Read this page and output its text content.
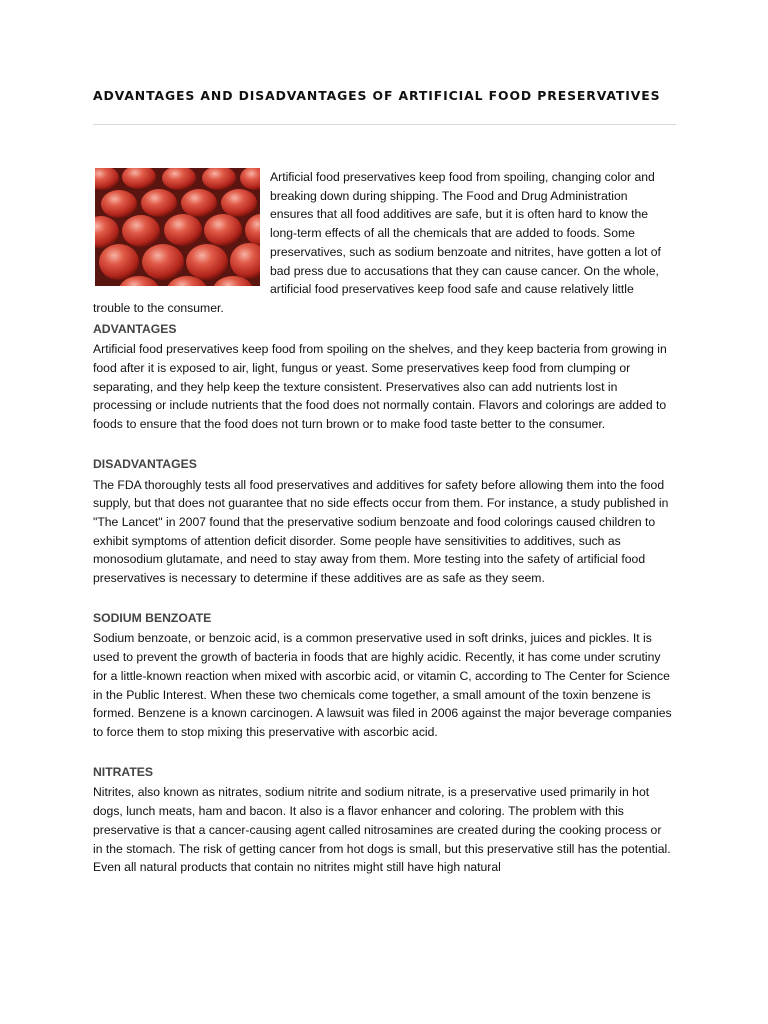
ADVANTAGES AND DISADVANTAGES OF ARTIFICIAL FOOD PRESERVATIVES

Artificial food preservatives keep food from spoiling, changing color and breaking down during shipping. The Food and Drug Administration ensures that all food additives are safe, but it is often hard to know the long-term effects of all the chemicals that are added to foods. Some preservatives, such as sodium benzoate and nitrites, have gotten a lot of bad press due to accusations that they can cause cancer. On the whole, artificial food preservatives keep food safe and cause relatively little trouble to the consumer.

ADVANTAGES

Artificial food preservatives keep food from spoiling on the shelves, and they keep bacteria from growing in food after it is exposed to air, light, fungus or yeast. Some preservatives keep food from clumping or separating, and they help keep the texture consistent. Preservatives also can add nutrients lost in processing or include nutrients that the food does not normally contain. Flavors and colorings are added to foods to ensure that the food does not turn brown or to make food taste better to the consumer.

DISADVANTAGES

The FDA thoroughly tests all food preservatives and additives for safety before allowing them into the food supply, but that does not guarantee that no side effects occur from them. For instance, a study published in "The Lancet" in 2007 found that the preservative sodium benzoate and food colorings caused children to exhibit symptoms of attention deficit disorder. Some people have sensitivities to additives, such as monosodium glutamate, and need to stay away from them. More testing into the safety of artificial food preservatives is necessary to determine if these additives are as safe as they seem.

SODIUM BENZOATE

Sodium benzoate, or benzoic acid, is a common preservative used in soft drinks, juices and pickles. It is used to prevent the growth of bacteria in foods that are highly acidic. Recently, it has come under scrutiny for a little-known reaction when mixed with ascorbic acid, or vitamin C, according to The Center for Science in the Public Interest. When these two chemicals come together, a small amount of the toxin benzene is formed. Benzene is a known carcinogen. A lawsuit was filed in 2006 against the major beverage companies to force them to stop mixing this preservative with ascorbic acid.

NITRATES

Nitrites, also known as nitrates, sodium nitrite and sodium nitrate, is a preservative used primarily in hot dogs, lunch meats, ham and bacon. It also is a flavor enhancer and coloring. The problem with this preservative is that a cancer-causing agent called nitrosamines are created during the cooking process or in the stomach. The risk of getting cancer from hot dogs is small, but this preservative still has the potential. Even all natural products that contain no nitrites might still have high natural
